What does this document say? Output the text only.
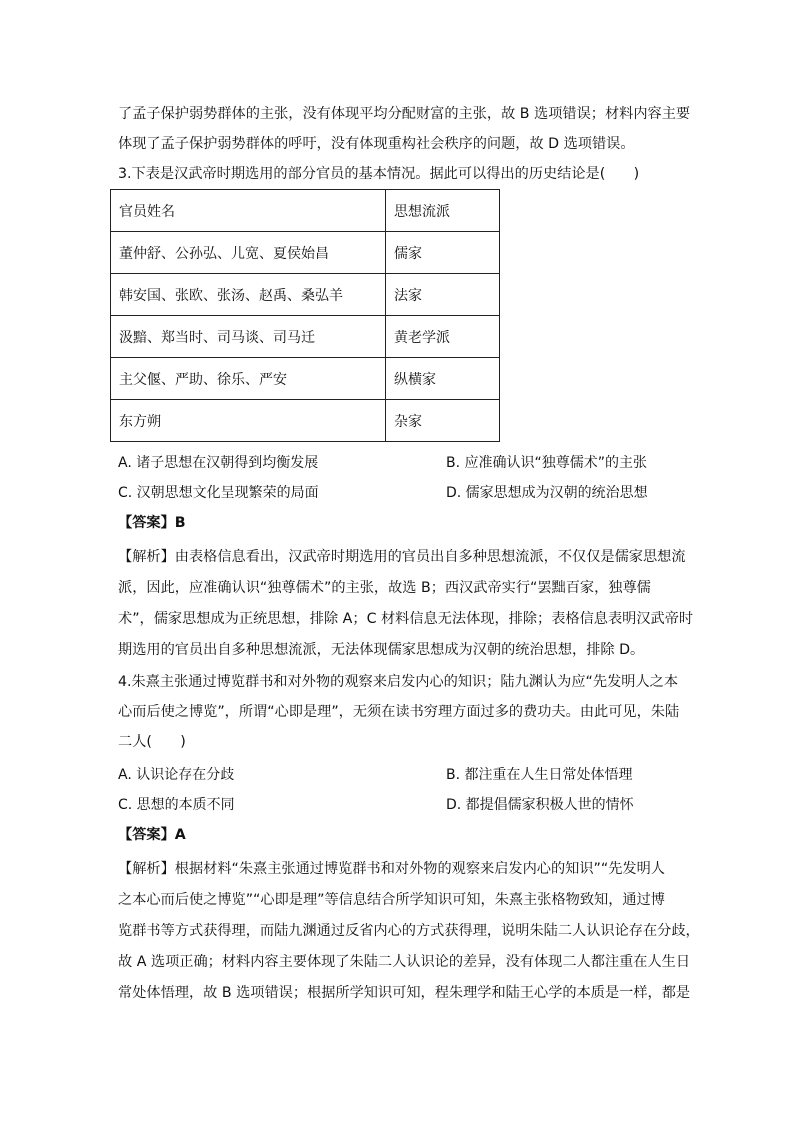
了孟子保护弱势群体的主张，没有体现平均分配财富的主张，故 B 选项错误；材料内容主要
体现了孟子保护弱势群体的呼吁，没有体现重构社会秩序的问题，故 D 选项错误。
3.下表是汉武帝时期选用的部分官员的基本情况。据此可以得出的历史结论是(　　)
官员姓名	思想流派
董仲舒、公孙弘、儿宽、夏侯始昌	儒家
韩安国、张欧、张汤、赵禹、桑弘羊	法家
汲黯、郑当时、司马谈、司马迁	黄老学派
主父偃、严助、徐乐、严安	纵横家
东方朔	杂家
A. 诸子思想在汉朝得到均衡发展	B. 应准确认识“独尊儒术”的主张
C. 汉朝思想文化呈现繁荣的局面	D. 儒家思想成为汉朝的统治思想
【答案】B
【解析】由表格信息看出，汉武帝时期选用的官员出自多种思想流派，不仅仅是儒家思想流
派，因此，应准确认识“独尊儒术”的主张，故选 B；西汉武帝实行“罢黜百家，独尊儒
术”，儒家思想成为正统思想，排除 A；C 材料信息无法体现，排除；表格信息表明汉武帝时
期选用的官员出自多种思想流派，无法体现儒家思想成为汉朝的统治思想，排除 D。
4.朱熹主张通过博览群书和对外物的观察来启发内心的知识；陆九渊认为应“先发明人之本
心而后使之博览”，所谓“心即是理”，无须在读书穷理方面过多的费功夫。由此可见，朱陆
二人(　　)
A. 认识论存在分歧	B. 都注重在人生日常处体悟理
C. 思想的本质不同	D. 都提倡儒家积极人世的情怀
【答案】A
【解析】根据材料“朱熹主张通过博览群书和对外物的观察来启发内心的知识”“先发明人
之本心而后使之博览”“心即是理”等信息结合所学知识可知，朱熹主张格物致知，通过博
览群书等方式获得理，而陆九渊通过反省内心的方式获得理，说明朱陆二人认识论存在分歧，
故 A 选项正确；材料内容主要体现了朱陆二人认识论的差异，没有体现二人都注重在人生日
常处体悟理，故 B 选项错误；根据所学知识可知，程朱理学和陆王心学的本质是一样，都是
